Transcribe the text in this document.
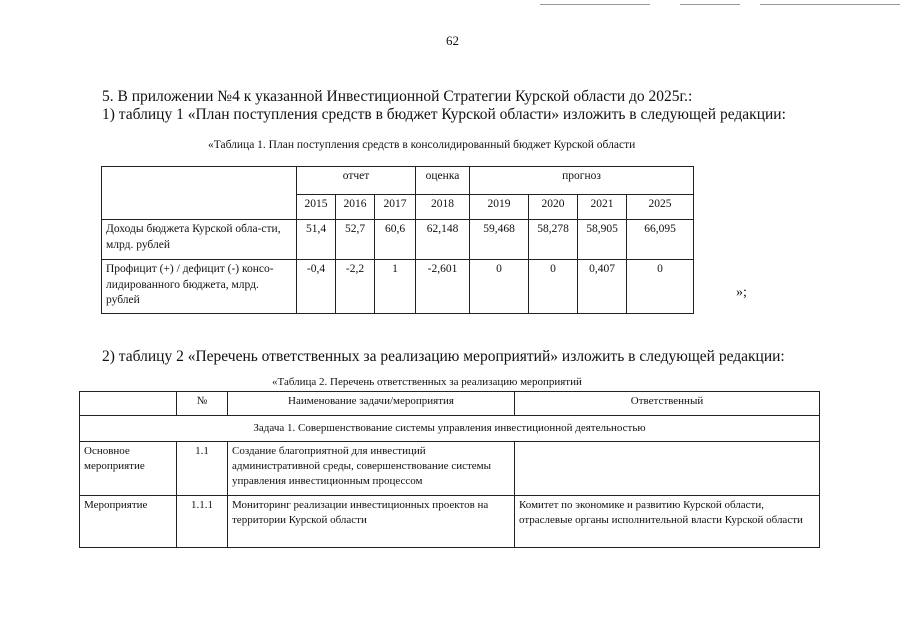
62
5. В приложении №4 к указанной Инвестиционной Стратегии Курской области до 2025г.:
1) таблицу 1 «План поступления средств в бюджет Курской области» изложить в следующей редакции:
«Таблица 1. План поступления средств в консолидированный бюджет Курской области
	отчет			оценка	прогноз			
	2015	2016	2017	2018	2019	2020	2021	2025
Доходы бюджета Курской обла-сти, млрд. рублей	51,4	52,7	60,6	62,148	59,468	58,278	58,905	66,095
Профицит (+) / дефицит (-) консо-лидированного бюджета, млрд. рублей	-0,4	-2,2	1	-2,601	0	0	0,407	0
»;
2) таблицу 2 «Перечень ответственных за реализацию мероприятий» изложить в следующей редакции:
«Таблица 2. Перечень ответственных за реализацию мероприятий
	№	Наименование задачи/мероприятия	Ответственный
Задача 1. Совершенствование системы управления инвестиционной деятельностью			
Основное мероприятие	1.1	Создание благоприятной для инвестиций административной среды, совершенствование системы управления инвестиционным процессом	
Мероприятие	1.1.1	Мониторинг реализации инвестиционных проектов на территории Курской области	Комитет по экономике и развитию Курской области, отраслевые органы исполнительной власти Курской области
